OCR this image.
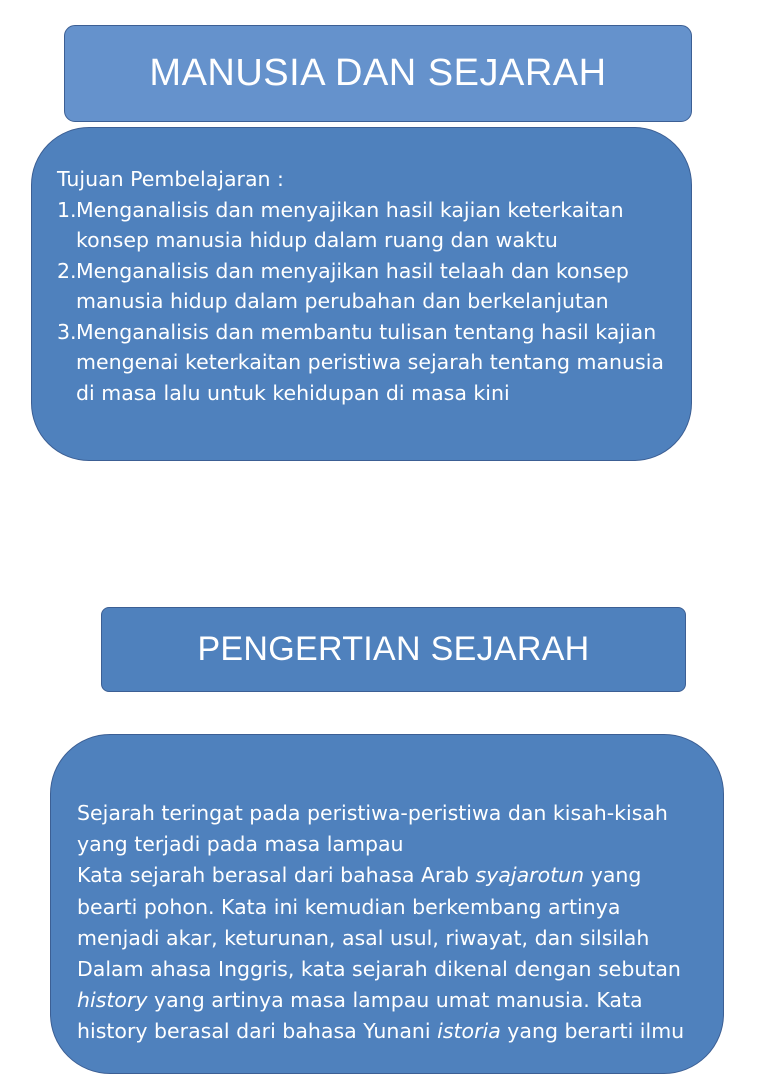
MANUSIA DAN SEJARAH
Tujuan Pembelajaran :
1. Menganalisis dan menyajikan hasil kajian keterkaitan konsep manusia hidup dalam ruang dan waktu
2. Menganalisis dan menyajikan hasil telaah dan konsep manusia hidup dalam perubahan dan berkelanjutan
3. Menganalisis dan membantu tulisan tentang hasil kajian mengenai keterkaitan peristiwa sejarah tentang manusia di masa lalu untuk kehidupan di masa kini
PENGERTIAN SEJARAH
Sejarah teringat pada peristiwa-peristiwa dan kisah-kisah yang terjadi pada masa lampau
Kata sejarah berasal dari bahasa Arab syajarotun yang bearti pohon. Kata ini kemudian berkembang artinya menjadi akar, keturunan, asal usul, riwayat, dan silsilah
Dalam ahasa Inggris, kata sejarah dikenal dengan sebutan history yang artinya masa lampau umat manusia. Kata history berasal dari bahasa Yunani istoria yang berarti ilmu
